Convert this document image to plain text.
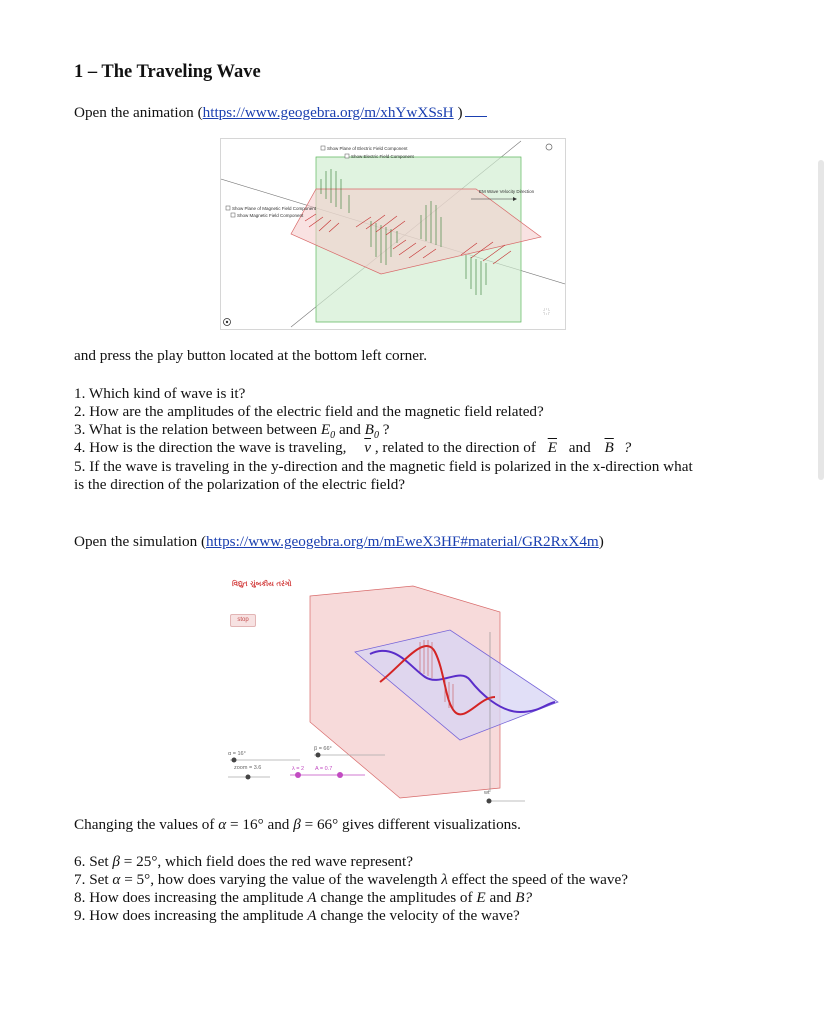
1 – The Traveling Wave
Open the animation (https://www.geogebra.org/m/xhYwXSsH )
EM Wave Velocity Direction
Show Plane of Electric Field Component
Show Electric Field Component
Show Plane of Magnetic Field Component
Show Magnetic Field Component
and press the play button located at the bottom left corner.
1. Which kind of wave is it?
2. How are the amplitudes of the electric field and the magnetic field related?
3. What is the relation between between $E_0$ and $B_0$ ?
4. How is the direction the wave is traveling, $\overline{v}$ , related to the direction of $\overline{E}$ and $\overline{B}$ ?
5. If the wave is traveling in the y-direction and the magnetic field is polarized in the x-direction what
is the direction of the polarization of the electric field?
Open the simulation (https://www.geogebra.org/m/mEweX3HF#material/GR2RxX4m)
વિદ્યુત ચુંબકીય તરંગો
stop
α = 16°
β = 66°
zoom = 3.6	λ = 2 A = 0.7
wt
Changing the values of α = 16° and β = 66° gives different visualizations.
6. Set β = 25°, which field does the red wave represent?
7. Set α = 5°, how does varying the value of the wavelength λ effect the speed of the wave?
8. How does increasing the amplitude A change the amplitudes of E and B?
9. How does increasing the amplitude A change the velocity of the wave?
